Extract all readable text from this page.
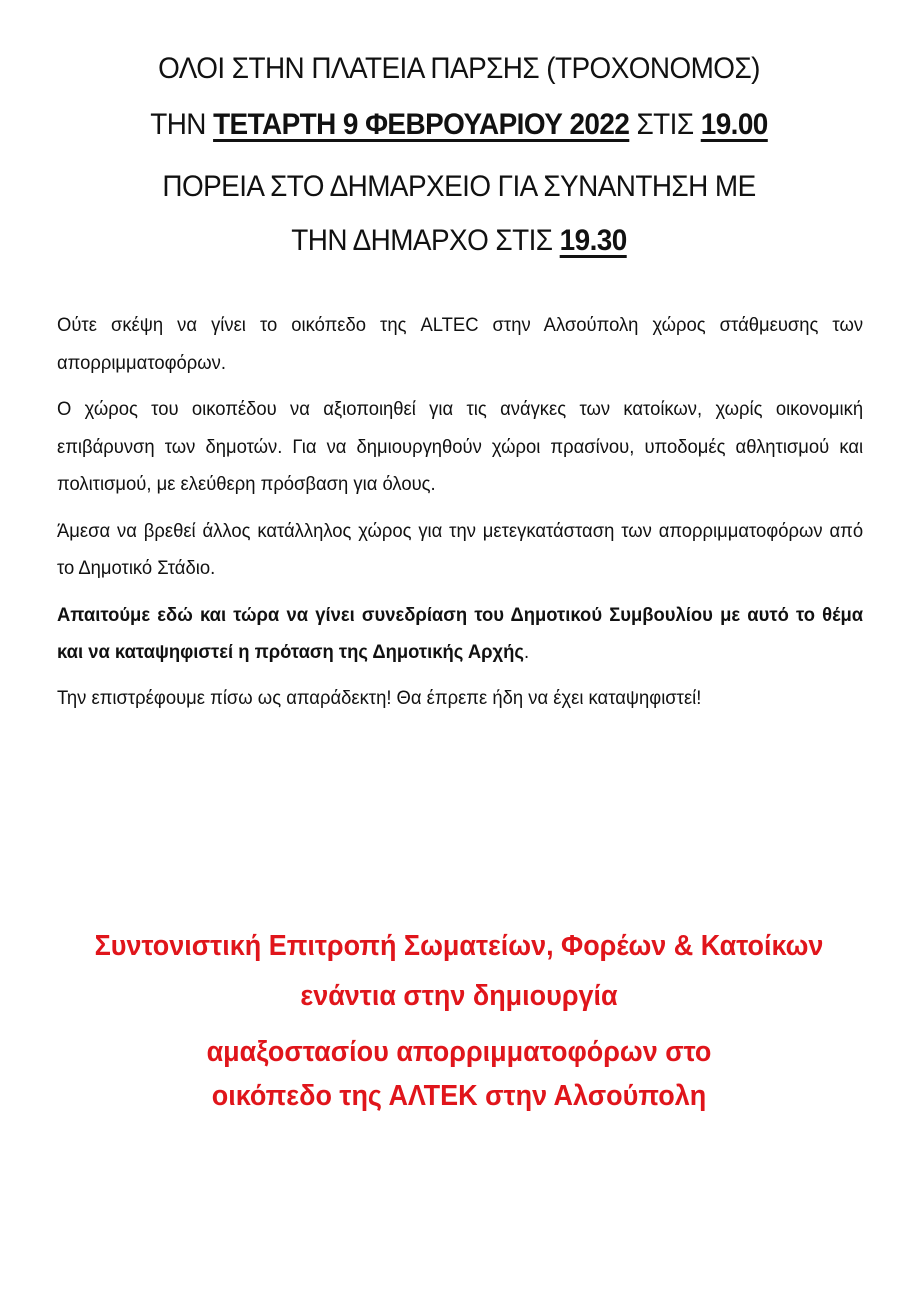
ΟΛΟΙ ΣΤΗΝ ΠΛΑΤΕΙΑ ΠΑΡΣΗΣ (ΤΡΟΧΟΝΟΜΟΣ)
ΤΗΝ ΤΕΤΑΡΤΗ 9 ΦΕΒΡΟΥΑΡΙΟΥ 2022 ΣΤΙΣ 19.00
ΠΟΡΕΙΑ ΣΤΟ ΔΗΜΑΡΧΕΙΟ ΓΙΑ ΣΥΝΑΝΤΗΣΗ ΜΕ
ΤΗΝ ΔΗΜΑΡΧΟ ΣΤΙΣ 19.30

Ούτε σκέψη να γίνει το οικόπεδο της ALTEC στην Αλσούπολη χώρος στάθμευσης των απορριμματοφόρων.

Ο χώρος του οικοπέδου να αξιοποιηθεί για τις ανάγκες των κατοίκων, χωρίς οικονομική επιβάρυνση των δημοτών. Για να δημιουργηθούν χώροι πρασίνου, υποδομές αθλητισμού και πολιτισμού, με ελεύθερη πρόσβαση για όλους.

Άμεσα να βρεθεί άλλος κατάλληλος χώρος για την μετεγκατάσταση των απορριμματοφόρων από το Δημοτικό Στάδιο.

Απαιτούμε εδώ και τώρα να γίνει συνεδρίαση του Δημοτικού Συμβουλίου με αυτό το θέμα και να καταψηφιστεί η πρόταση της Δημοτικής Αρχής.

Την επιστρέφουμε πίσω ως απαράδεκτη! Θα έπρεπε ήδη να έχει καταψηφιστεί!

Συντονιστική Επιτροπή Σωματείων, Φορέων & Κατοίκων
ενάντια στην δημιουργία
αμαξοστασίου απορριμματοφόρων στο
οικόπεδο της ΑΛΤΕΚ στην Αλσούπολη
